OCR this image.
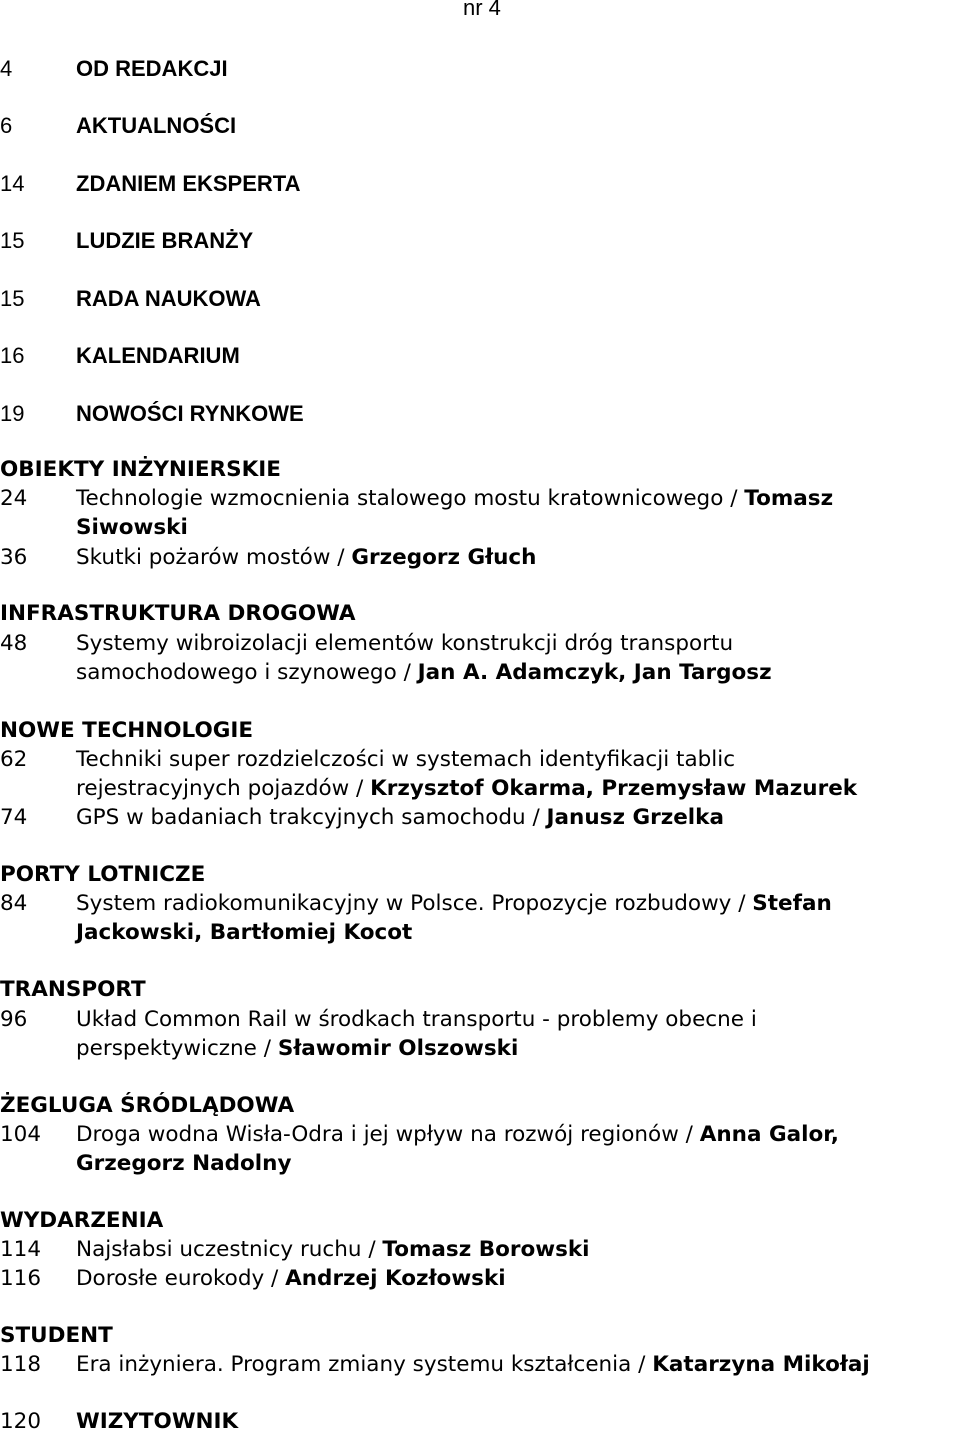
nr 4
4	OD REDAKCJI
6	AKTUALNOŚCI
14 ZDANIEM EKSPERTA
15 LUDZIE BRANŻY
15 RADA NAUKOWA
16 KALENDARIUM
19 NOWOŚCI RYNKOWE
OBIEKTY INŻYNIERSKIE
24 Technologie wzmocnienia stalowego mostu kratownicowego / Tomasz
Siwowski
36 Skutki pożarów mostów / Grzegorz Głuch
INFRASTRUKTURA DROGOWA
48 Systemy wibroizolacji elementów konstrukcji dróg transportu
samochodowego i szynowego / Jan A. Adamczyk, Jan Targosz
NOWE TECHNOLOGIE
62 Techniki super rozdzielczości w systemach identyfikacji tablic
rejestracyjnych pojazdów / Krzysztof Okarma, Przemysław Mazurek
74 GPS w badaniach trakcyjnych samochodu / Janusz Grzelka
PORTY LOTNICZE
84 System radiokomunikacyjny w Polsce. Propozycje rozbudowy / Stefan
Jackowski, Bartłomiej Kocot
TRANSPORT
96 Układ Common Rail w środkach transportu - problemy obecne i
perspektywiczne / Sławomir Olszowski
ŻEGLUGA ŚRÓDLĄDOWA
104 Droga wodna Wisła-Odra i jej wpływ na rozwój regionów / Anna Galor,
Grzegorz Nadolny
WYDARZENIA
114 Najsłabsi uczestnicy ruchu / Tomasz Borowski
116 Dorosłe eurokody / Andrzej Kozłowski
STUDENT
118 Era inżyniera. Program zmiany systemu kształcenia / Katarzyna Mikołaj
120 WIZYTOWNIK
